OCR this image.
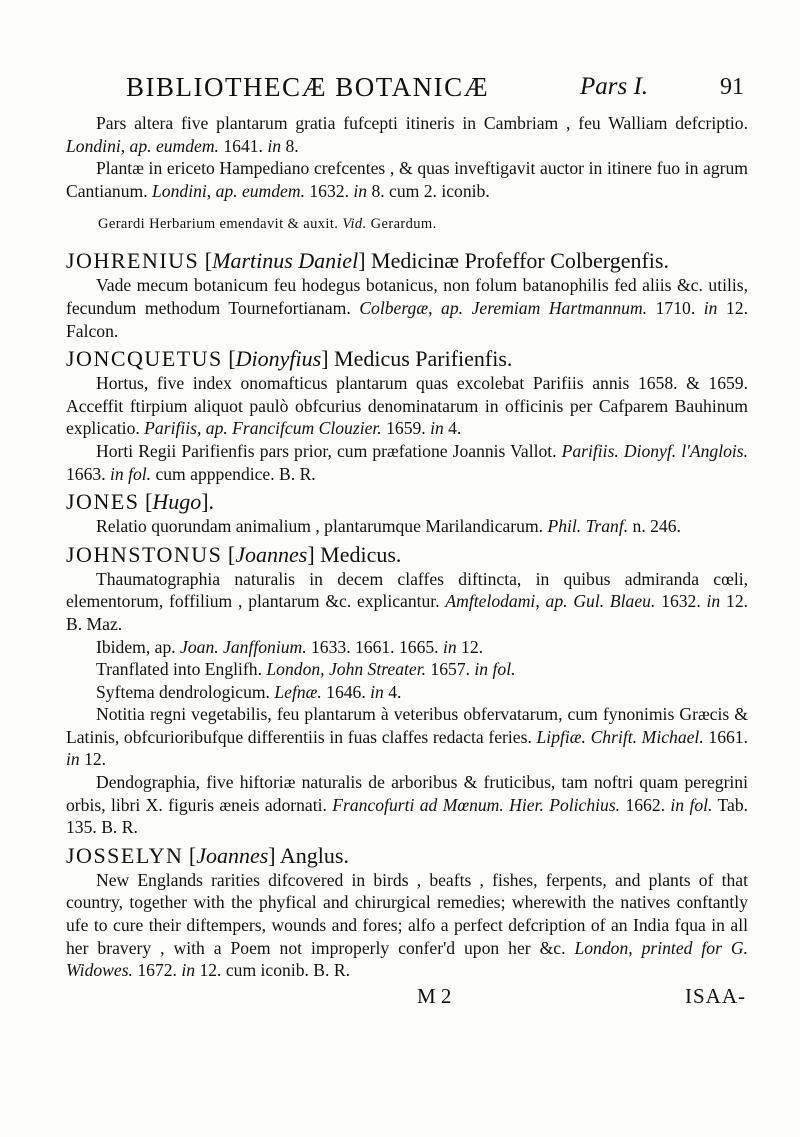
BIBLIOTHECÆ BOTANICÆ	Pars I.	91

Pars altera five plantarum gratia fufcepti itineris in Cambriam , feu Walliam defcriptio. Londini, ap. eumdem. 1641. in 8.

Plantæ in ericeto Hampediano crefcentes , & quas inveftigavit auctor in itinere fuo in agrum Cantianum. Londini, ap. eumdem. 1632. in 8. cum 2. iconib.

Gerardi Herbarium emendavit & auxit. Vid. Gerardum.
JOHRENIUS [Martinus Daniel] Medicinæ Profeffor Colbergenfis.

Vade mecum botanicum feu hodegus botanicus, non folum batanophilis fed aliis &c. utilis, fecundum methodum Tournefortianam. Colbergæ, ap. Jeremiam Hartmannum. 1710. in 12. Falcon.

JONCQUETUS [Dionyfius] Medicus Parifienfis.

Hortus, five index onomafticus plantarum quas excolebat Parifiis annis 1658. & 1659. Acceffit ftirpium aliquot paulò obfcurius denominatarum in officinis per Cafparem Bauhinum explicatio. Parifiis, ap. Francifcum Clouzier. 1659. in 4.

Horti Regii Parifienfis pars prior, cum præfatione Joannis Vallot. Parifiis. Dionyf. l'Anglois. 1663. in fol. cum apppendice. B. R.

JONES [Hugo].

Relatio quorundam animalium , plantarumque Marilandicarum. Phil. Tranf. n. 246.

JOHNSTONUS [Joannes] Medicus.

Thaumatographia naturalis in decem claffes diftincta, in quibus admiranda cœli, elementorum, foffilium , plantarum &c. explicantur. Amftelodami, ap. Gul. Blaeu. 1632. in 12. B. Maz.

Ibidem, ap. Joan. Janffonium. 1633. 1661. 1665. in 12.

Tranflated into Englifh. London, John Streater. 1657. in fol.

Syftema dendrologicum. Lefnæ. 1646. in 4.

Notitia regni vegetabilis, feu plantarum à veteribus obfervatarum, cum fynonimis Græcis & Latinis, obfcurioribufque differentiis in fuas claffes redacta feries. Lipfiæ. Chrift. Michael. 1661. in 12.

Dendographia, five hiftoriæ naturalis de arboribus & fruticibus, tam noftri quam peregrini orbis, libri X. figuris æneis adornati. Francofurti ad Mœnum. Hier. Polichius. 1662. in fol. Tab. 135. B. R.

JOSSELYN [Joannes] Anglus.

New Englands rarities difcovered in birds , beafts , fishes, ferpents, and plants of that country, together with the phyfical and chirurgical remedies; wherewith the natives conftantly ufe to cure their diftempers, wounds and fores; alfo a perfect defcription of an India fqua in all her bravery , with a Poem not improperly confer'd upon her &c. London, printed for G. Widowes. 1672. in 12. cum iconib. B. R.

M 2	ISAA-
